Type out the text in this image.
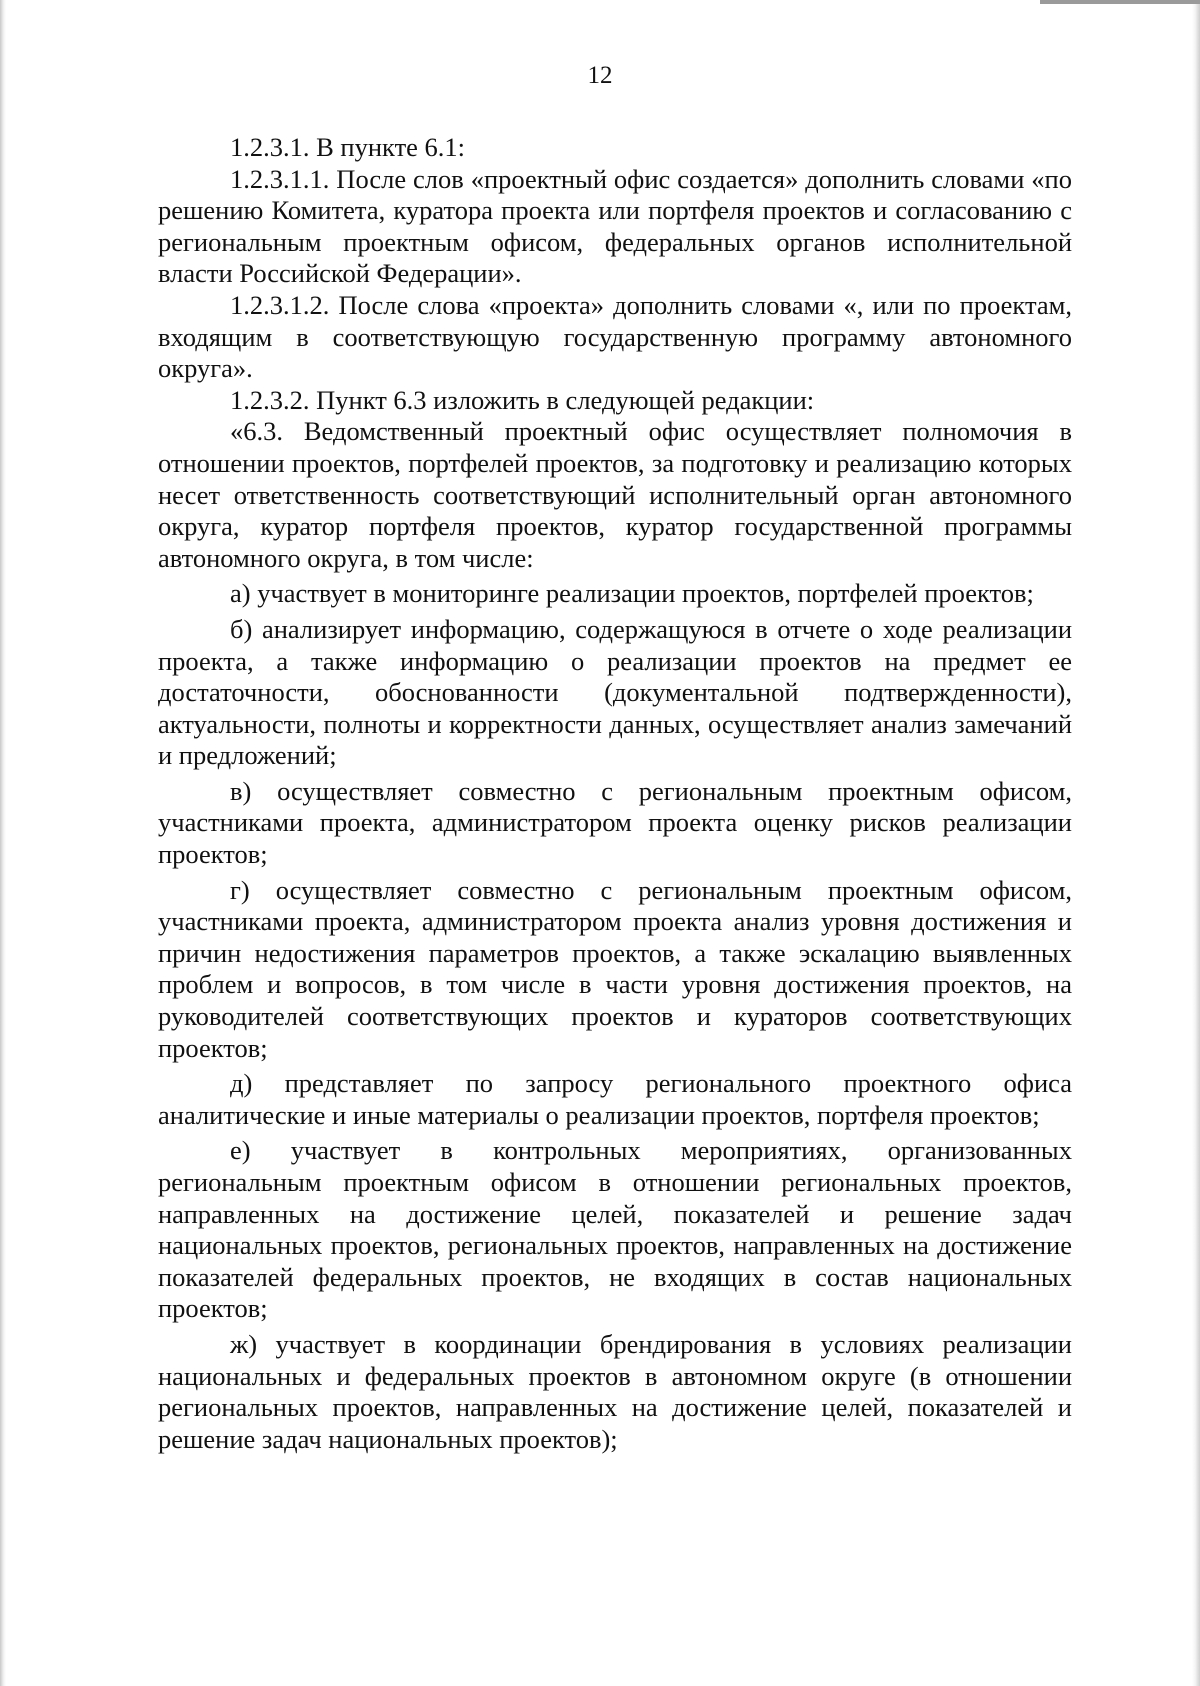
12

1.2.3.1. В пункте 6.1:

1.2.3.1.1. После слов «проектный офис создается» дополнить словами «по решению Комитета, куратора проекта или портфеля проектов и согласованию с региональным проектным офисом, федеральных органов исполнительной власти Российской Федерации».

1.2.3.1.2. После слова «проекта» дополнить словами «, или по проектам, входящим в соответствующую государственную программу автономного округа».

1.2.3.2. Пункт 6.3 изложить в следующей редакции:

«6.3. Ведомственный проектный офис осуществляет полномочия в отношении проектов, портфелей проектов, за подготовку и реализацию которых несет ответственность соответствующий исполнительный орган автономного округа, куратор портфеля проектов, куратор государственной программы автономного округа, в том числе:

а) участвует в мониторинге реализации проектов, портфелей проектов;

б) анализирует информацию, содержащуюся в отчете о ходе реализации проекта, а также информацию о реализации проектов на предмет ее достаточности, обоснованности (документальной подтвержденности), актуальности, полноты и корректности данных, осуществляет анализ замечаний и предложений;

в) осуществляет совместно с региональным проектным офисом, участниками проекта, администратором проекта оценку рисков реализации проектов;

г) осуществляет совместно с региональным проектным офисом, участниками проекта, администратором проекта анализ уровня достижения и причин недостижения параметров проектов, а также эскалацию выявленных проблем и вопросов, в том числе в части уровня достижения проектов, на руководителей соответствующих проектов и кураторов соответствующих проектов;

д) представляет по запросу регионального проектного офиса аналитические и иные материалы о реализации проектов, портфеля проектов;

е) участвует в контрольных мероприятиях, организованных региональным проектным офисом в отношении региональных проектов, направленных на достижение целей, показателей и решение задач национальных проектов, региональных проектов, направленных на достижение показателей федеральных проектов, не входящих в состав национальных проектов;

ж) участвует в координации брендирования в условиях реализации национальных и федеральных проектов в автономном округе (в отношении региональных проектов, направленных на достижение целей, показателей и решение задач национальных проектов);
